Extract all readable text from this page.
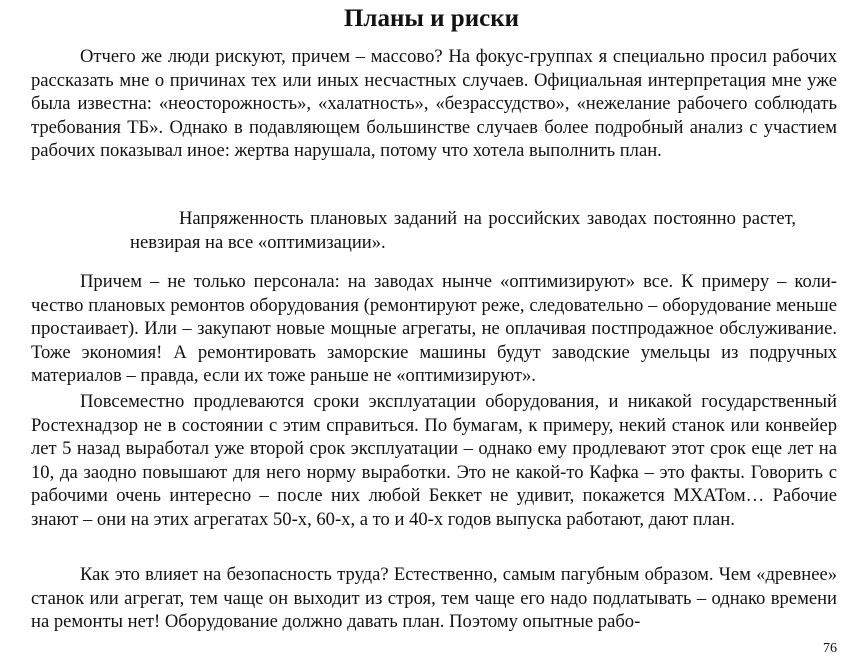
Планы и риски
Отчего же люди рискуют, причем – массово? На фокус-группах я специально просил рабочих рассказать мне о причинах тех или иных несчастных случаев. Официальная интерпретация мне уже была известна: «неосторожность», «халатность», «безрассудство», «нежелание рабочего соблюдать требования ТБ». Однако в подавляющем большинстве случаев более подробный анализ с участием рабочих показывал иное: жертва нарушала, потому что хотела выполнить план.
Напряженность плановых заданий на российских заводах постоянно растет, невзирая на все «оптимизации».
Причем – не только персонала: на заводах нынче «оптимизируют» все. К примеру – количество плановых ремонтов оборудования (ремонтируют реже, следовательно – оборудование меньше простаивает). Или – закупают новые мощные агрегаты, не оплачивая постпродажное обслуживание. Тоже экономия! А ремонтировать заморские машины будут заводские умельцы из подручных материалов – правда, если их тоже раньше не «оптимизируют».
Повсеместно продлеваются сроки эксплуатации оборудования, и никакой государственный Ростехнадзор не в состоянии с этим справиться. По бумагам, к примеру, некий станок или конвейер лет 5 назад выработал уже второй срок эксплуатации – однако ему продлевают этот срок еще лет на 10, да заодно повышают для него норму выработки. Это не какой-то Кафка – это факты. Говорить с рабочими очень интересно – после них любой Беккет не удивит, покажется МХАТом… Рабочие знают – они на этих агрегатах 50-х, 60-х, а то и 40-х годов выпуска работают, дают план.
Как это влияет на безопасность труда? Естественно, самым пагубным образом. Чем «древнее» станок или агрегат, тем чаще он выходит из строя, тем чаще его надо подлатывать – однако времени на ремонты нет! Оборудование должно давать план. Поэтому опытные рабо-
76
